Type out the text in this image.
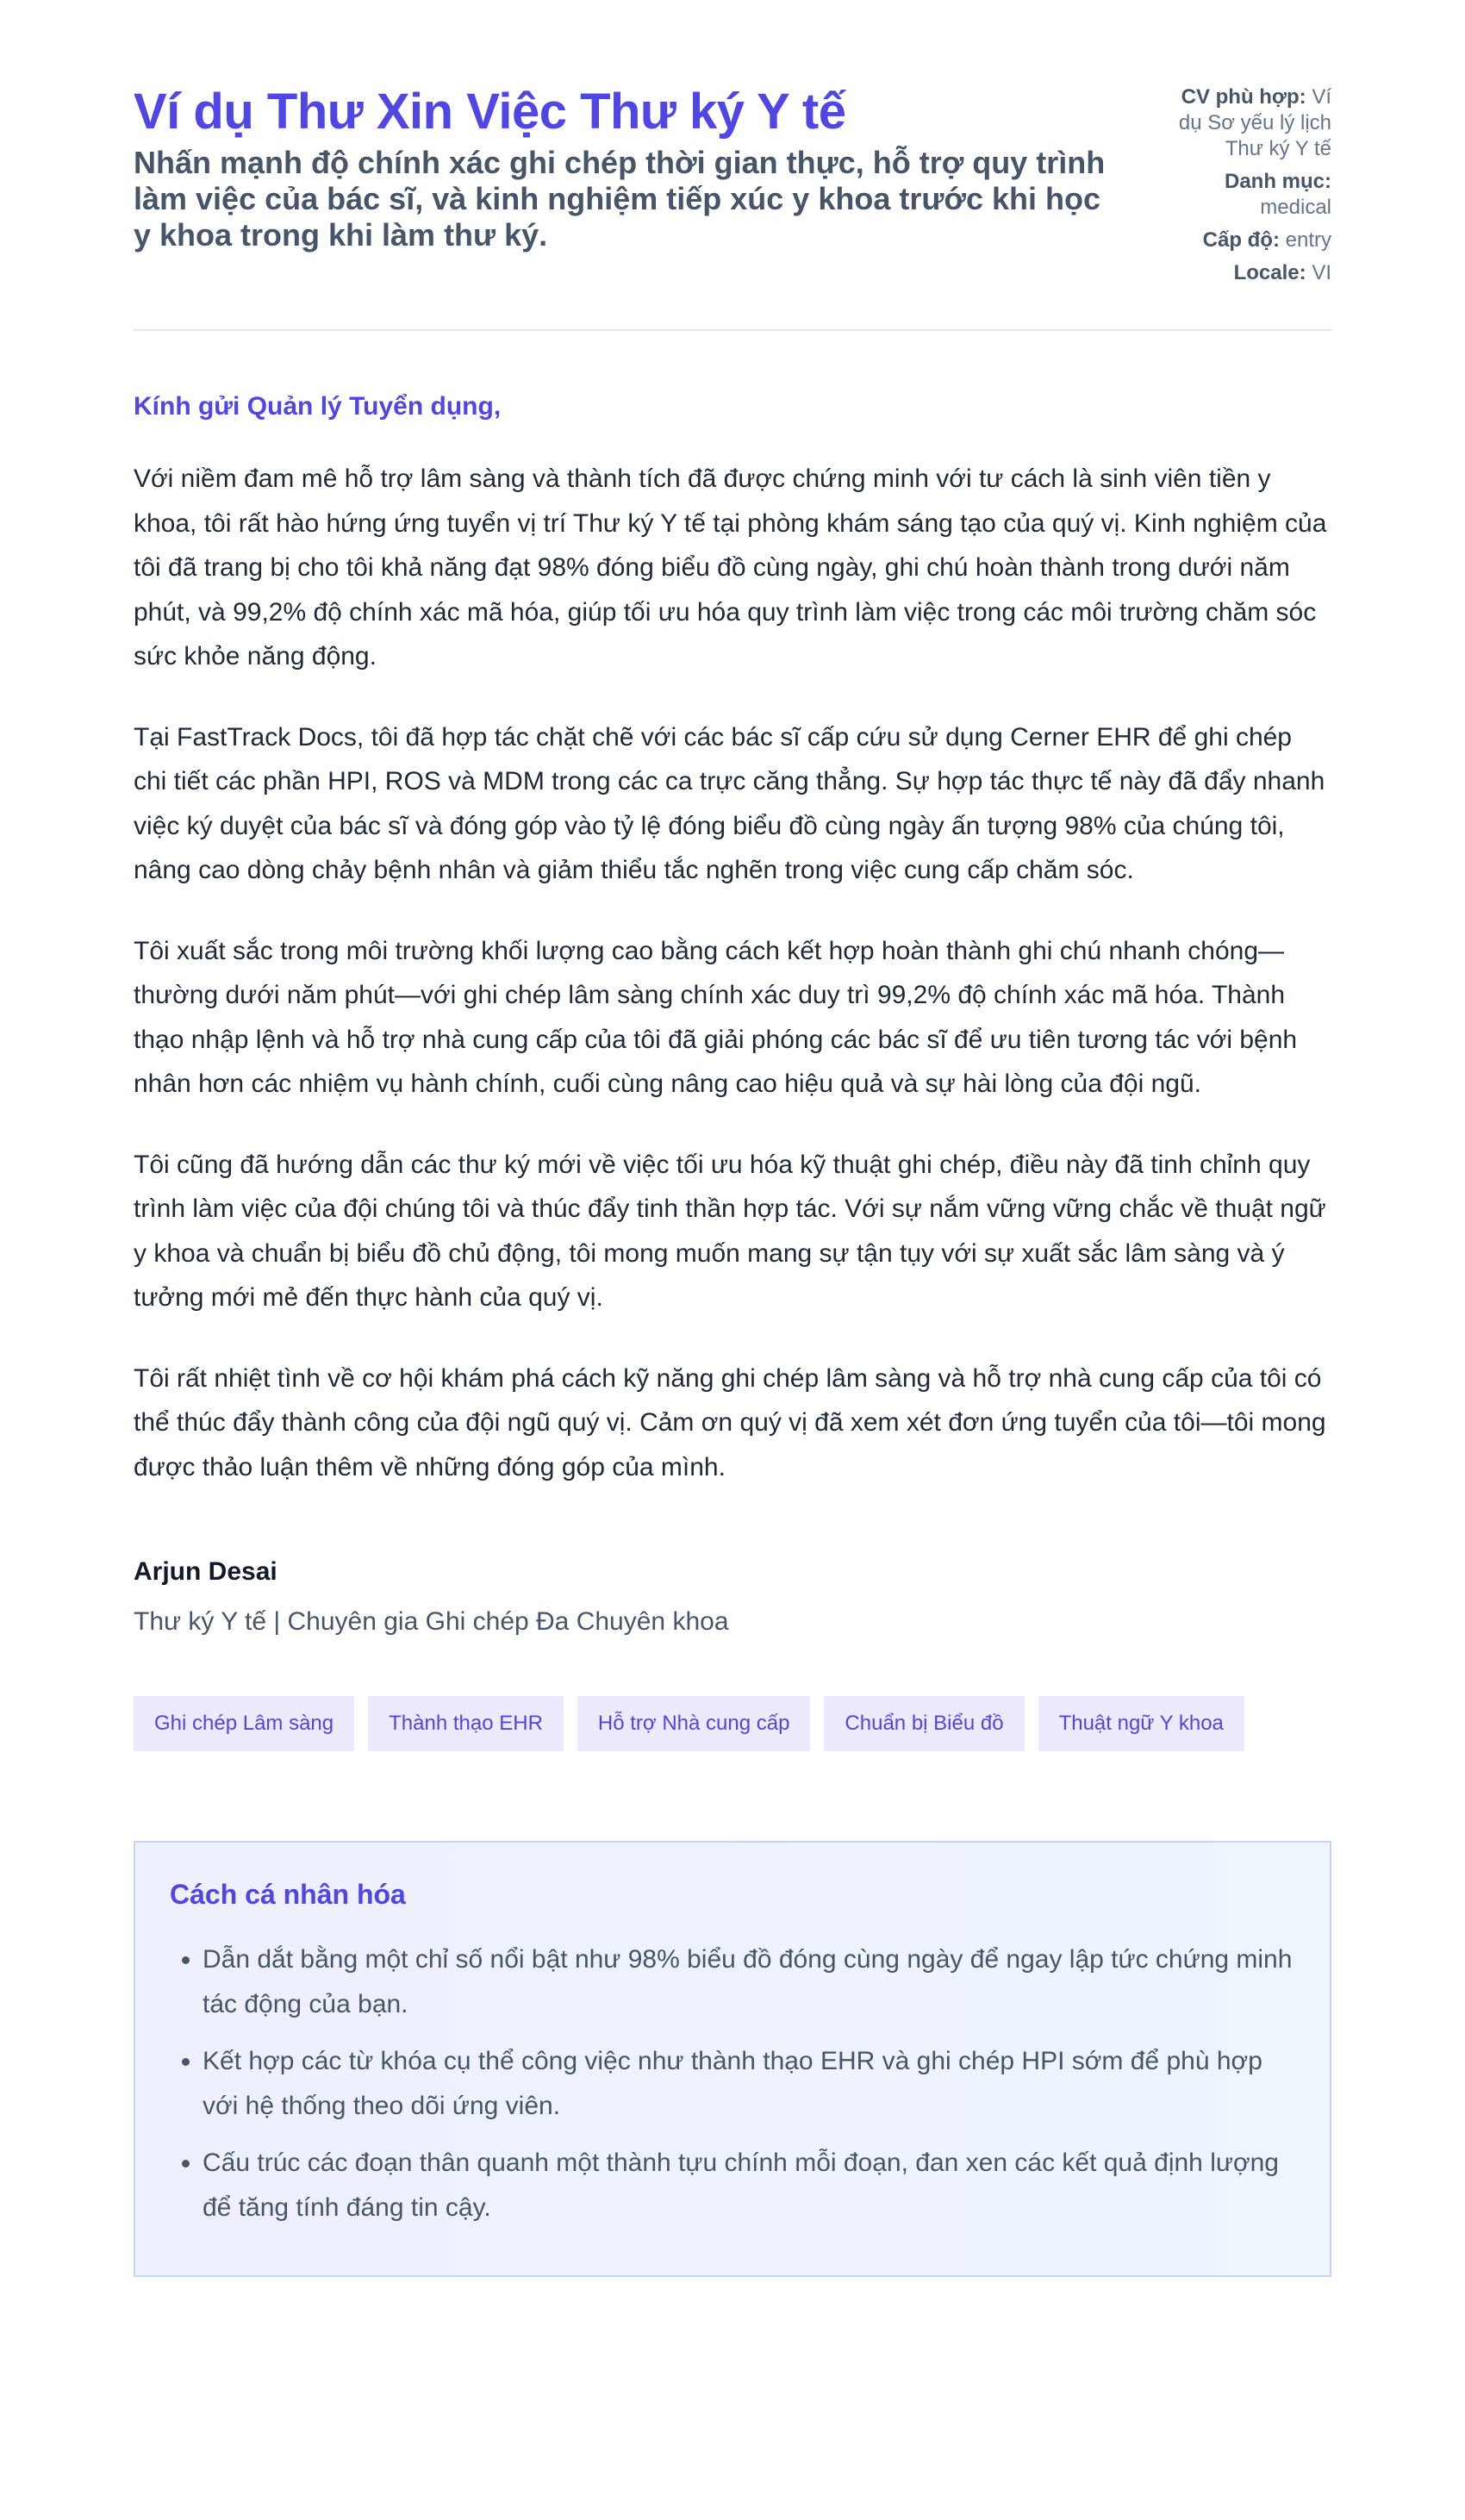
Ví dụ Thư Xin Việc Thư ký Y tế

Nhấn mạnh độ chính xác ghi chép thời gian thực, hỗ trợ quy trình làm việc của bác sĩ, và kinh nghiệm tiếp xúc y khoa trước khi học y khoa trong khi làm thư ký.

CV phù hợp: Ví dụ Sơ yếu lý lịch Thư ký Y tế
Danh mục: medical
Cấp độ: entry
Locale: VI

Kính gửi Quản lý Tuyển dụng,

Với niềm đam mê hỗ trợ lâm sàng và thành tích đã được chứng minh với tư cách là sinh viên tiền y khoa, tôi rất hào hứng ứng tuyển vị trí Thư ký Y tế tại phòng khám sáng tạo của quý vị. Kinh nghiệm của tôi đã trang bị cho tôi khả năng đạt 98% đóng biểu đồ cùng ngày, ghi chú hoàn thành trong dưới năm phút, và 99,2% độ chính xác mã hóa, giúp tối ưu hóa quy trình làm việc trong các môi trường chăm sóc sức khỏe năng động.

Tại FastTrack Docs, tôi đã hợp tác chặt chẽ với các bác sĩ cấp cứu sử dụng Cerner EHR để ghi chép chi tiết các phần HPI, ROS và MDM trong các ca trực căng thẳng. Sự hợp tác thực tế này đã đẩy nhanh việc ký duyệt của bác sĩ và đóng góp vào tỷ lệ đóng biểu đồ cùng ngày ấn tượng 98% của chúng tôi, nâng cao dòng chảy bệnh nhân và giảm thiểu tắc nghẽn trong việc cung cấp chăm sóc.

Tôi xuất sắc trong môi trường khối lượng cao bằng cách kết hợp hoàn thành ghi chú nhanh chóng—thường dưới năm phút—với ghi chép lâm sàng chính xác duy trì 99,2% độ chính xác mã hóa. Thành thạo nhập lệnh và hỗ trợ nhà cung cấp của tôi đã giải phóng các bác sĩ để ưu tiên tương tác với bệnh nhân hơn các nhiệm vụ hành chính, cuối cùng nâng cao hiệu quả và sự hài lòng của đội ngũ.

Tôi cũng đã hướng dẫn các thư ký mới về việc tối ưu hóa kỹ thuật ghi chép, điều này đã tinh chỉnh quy trình làm việc của đội chúng tôi và thúc đẩy tinh thần hợp tác. Với sự nắm vững vững chắc về thuật ngữ y khoa và chuẩn bị biểu đồ chủ động, tôi mong muốn mang sự tận tụy với sự xuất sắc lâm sàng và ý tưởng mới mẻ đến thực hành của quý vị.

Tôi rất nhiệt tình về cơ hội khám phá cách kỹ năng ghi chép lâm sàng và hỗ trợ nhà cung cấp của tôi có thể thúc đẩy thành công của đội ngũ quý vị. Cảm ơn quý vị đã xem xét đơn ứng tuyển của tôi—tôi mong được thảo luận thêm về những đóng góp của mình.

Arjun Desai

Thư ký Y tế | Chuyên gia Ghi chép Đa Chuyên khoa

Ghi chép Lâm sàng	Thành thạo EHR	Hỗ trợ Nhà cung cấp	Chuẩn bị Biểu đồ	Thuật ngữ Y khoa
Cách cá nhân hóa
• Dẫn dắt bằng một chỉ số nổi bật như 98% biểu đồ đóng cùng ngày để ngay lập tức chứng minh tác động của bạn.
• Kết hợp các từ khóa cụ thể công việc như thành thạo EHR và ghi chép HPI sớm để phù hợp với hệ thống theo dõi ứng viên.
• Cấu trúc các đoạn thân quanh một thành tựu chính mỗi đoạn, đan xen các kết quả định lượng để tăng tính đáng tin cậy.
